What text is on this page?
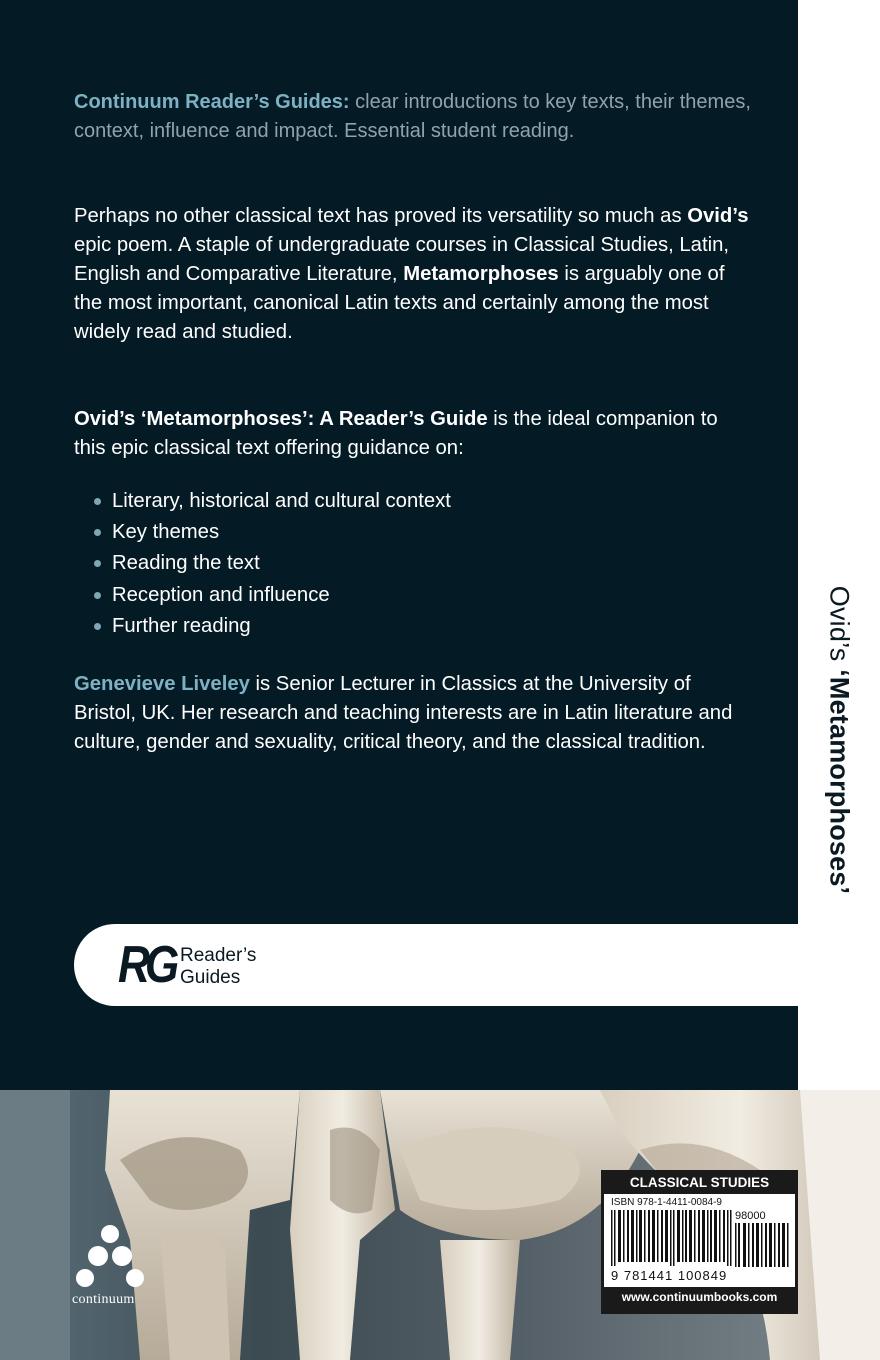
Ovid’s ‘Metamorphoses’
Continuum Reader’s Guides: clear introductions to key texts, their themes, context, influence and impact. Essential student reading.
Perhaps no other classical text has proved its versatility so much as Ovid’s epic poem. A staple of undergraduate courses in Classical Studies, Latin, English and Comparative Literature, Metamorphoses is arguably one of the most important, canonical Latin texts and certainly among the most widely read and studied.
Ovid’s ‘Metamorphoses’: A Reader’s Guide is the ideal companion to this epic classical text offering guidance on:
Literary, historical and cultural context
Key themes
Reading the text
Reception and influence
Further reading
Genevieve Liveley is Senior Lecturer in Classics at the University of Bristol, UK. Her research and teaching interests are in Latin literature and culture, gender and sexuality, critical theory, and the classical tradition.
RG Reader’s
Guides
continuum
CLASSICAL STUDIES
ISBN 978-1-4411-0084-9
98000
9 781441 100849
www.continuumbooks.com
